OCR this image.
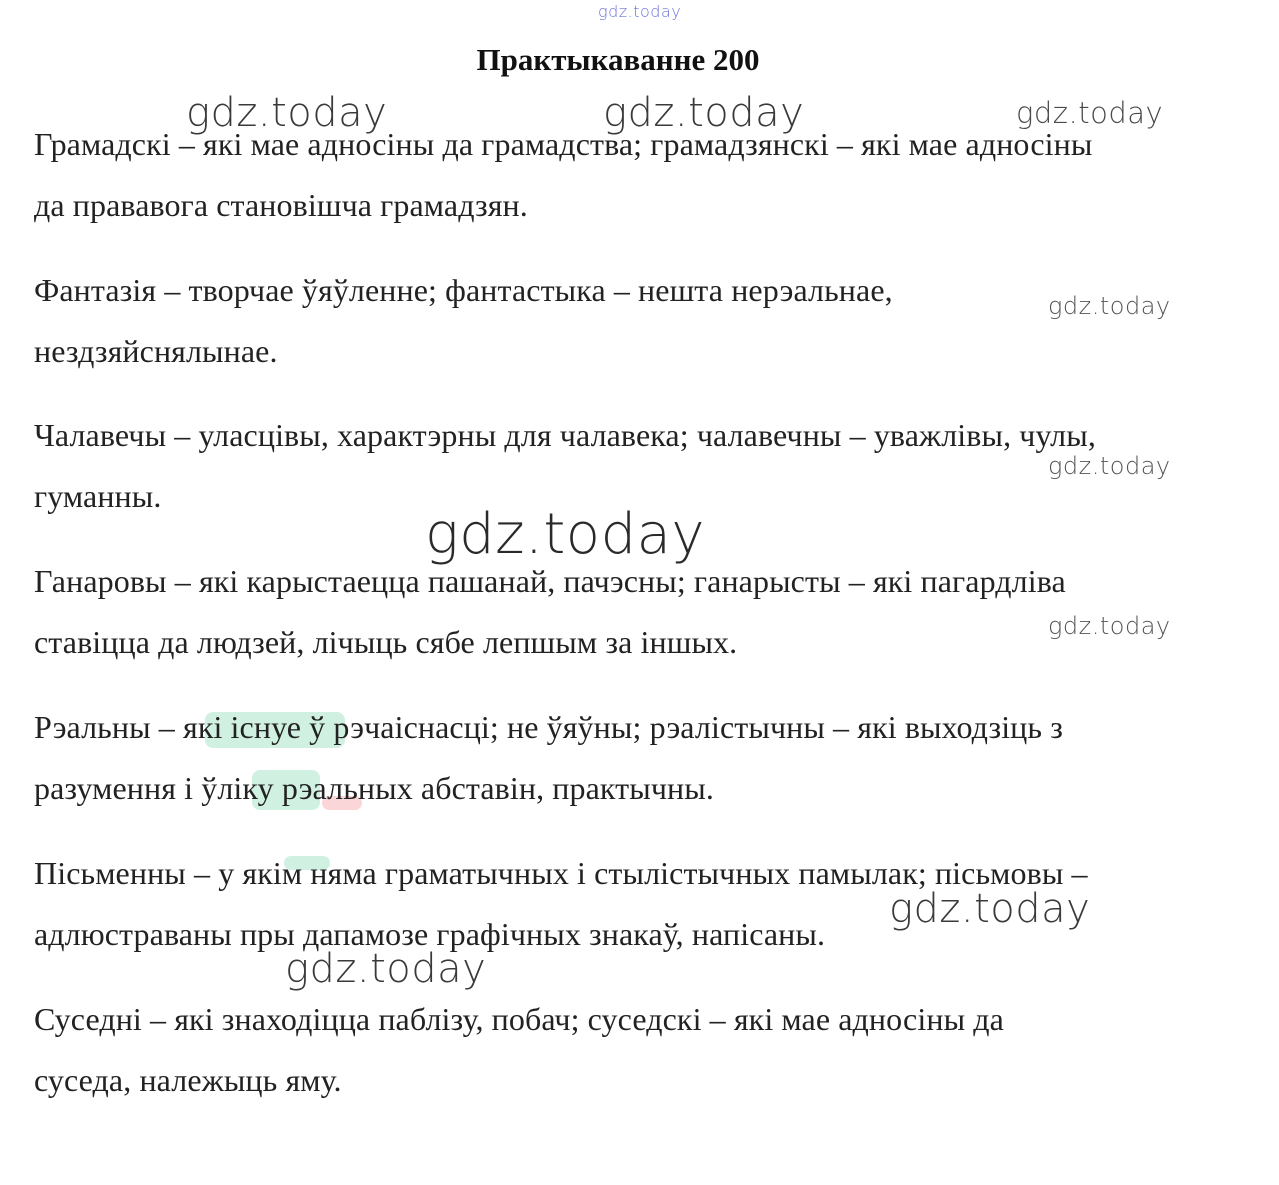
Практыкаванне 200
Грамадскі – які мае адносіны да грамадства; грамадзянскі – які мае адносіны
да прававога становішча грамадзян.
Фантазія – творчае ўяўленне; фантастыка – нешта нерэальнае,
нездзяйснялынае.
Чалавечы – уласцівы, характэрны для чалавека; чалавечны – уважлівы, чулы,
гуманны.
Ганаровы – які карыстаецца пашанай, пачэсны; ганарысты – які пагардліва
ставіцца да людзей, лічыць сябе лепшым за іншых.
Рэальны – які існуе ў рэчаіснасці; не ўяўны; рэалістычны – які выходзіць з
разумення і ўліку рэальных абставін, практычны.
Пісьменны – у якім няма граматычных і стылістычных памылак; пісьмовы –
адлюстраваны пры дапамозе графічных знакаў, напісаны.
Суседні – які знаходіцца паблізу, побач; суседскі – які мае адносіны да
суседа, належыць яму.
gdz.today
gdz.today	gdz.today	gdz.today
gdz.today
gdz.today
gdz.today
gdz.today
gdz.today
gdz.today
